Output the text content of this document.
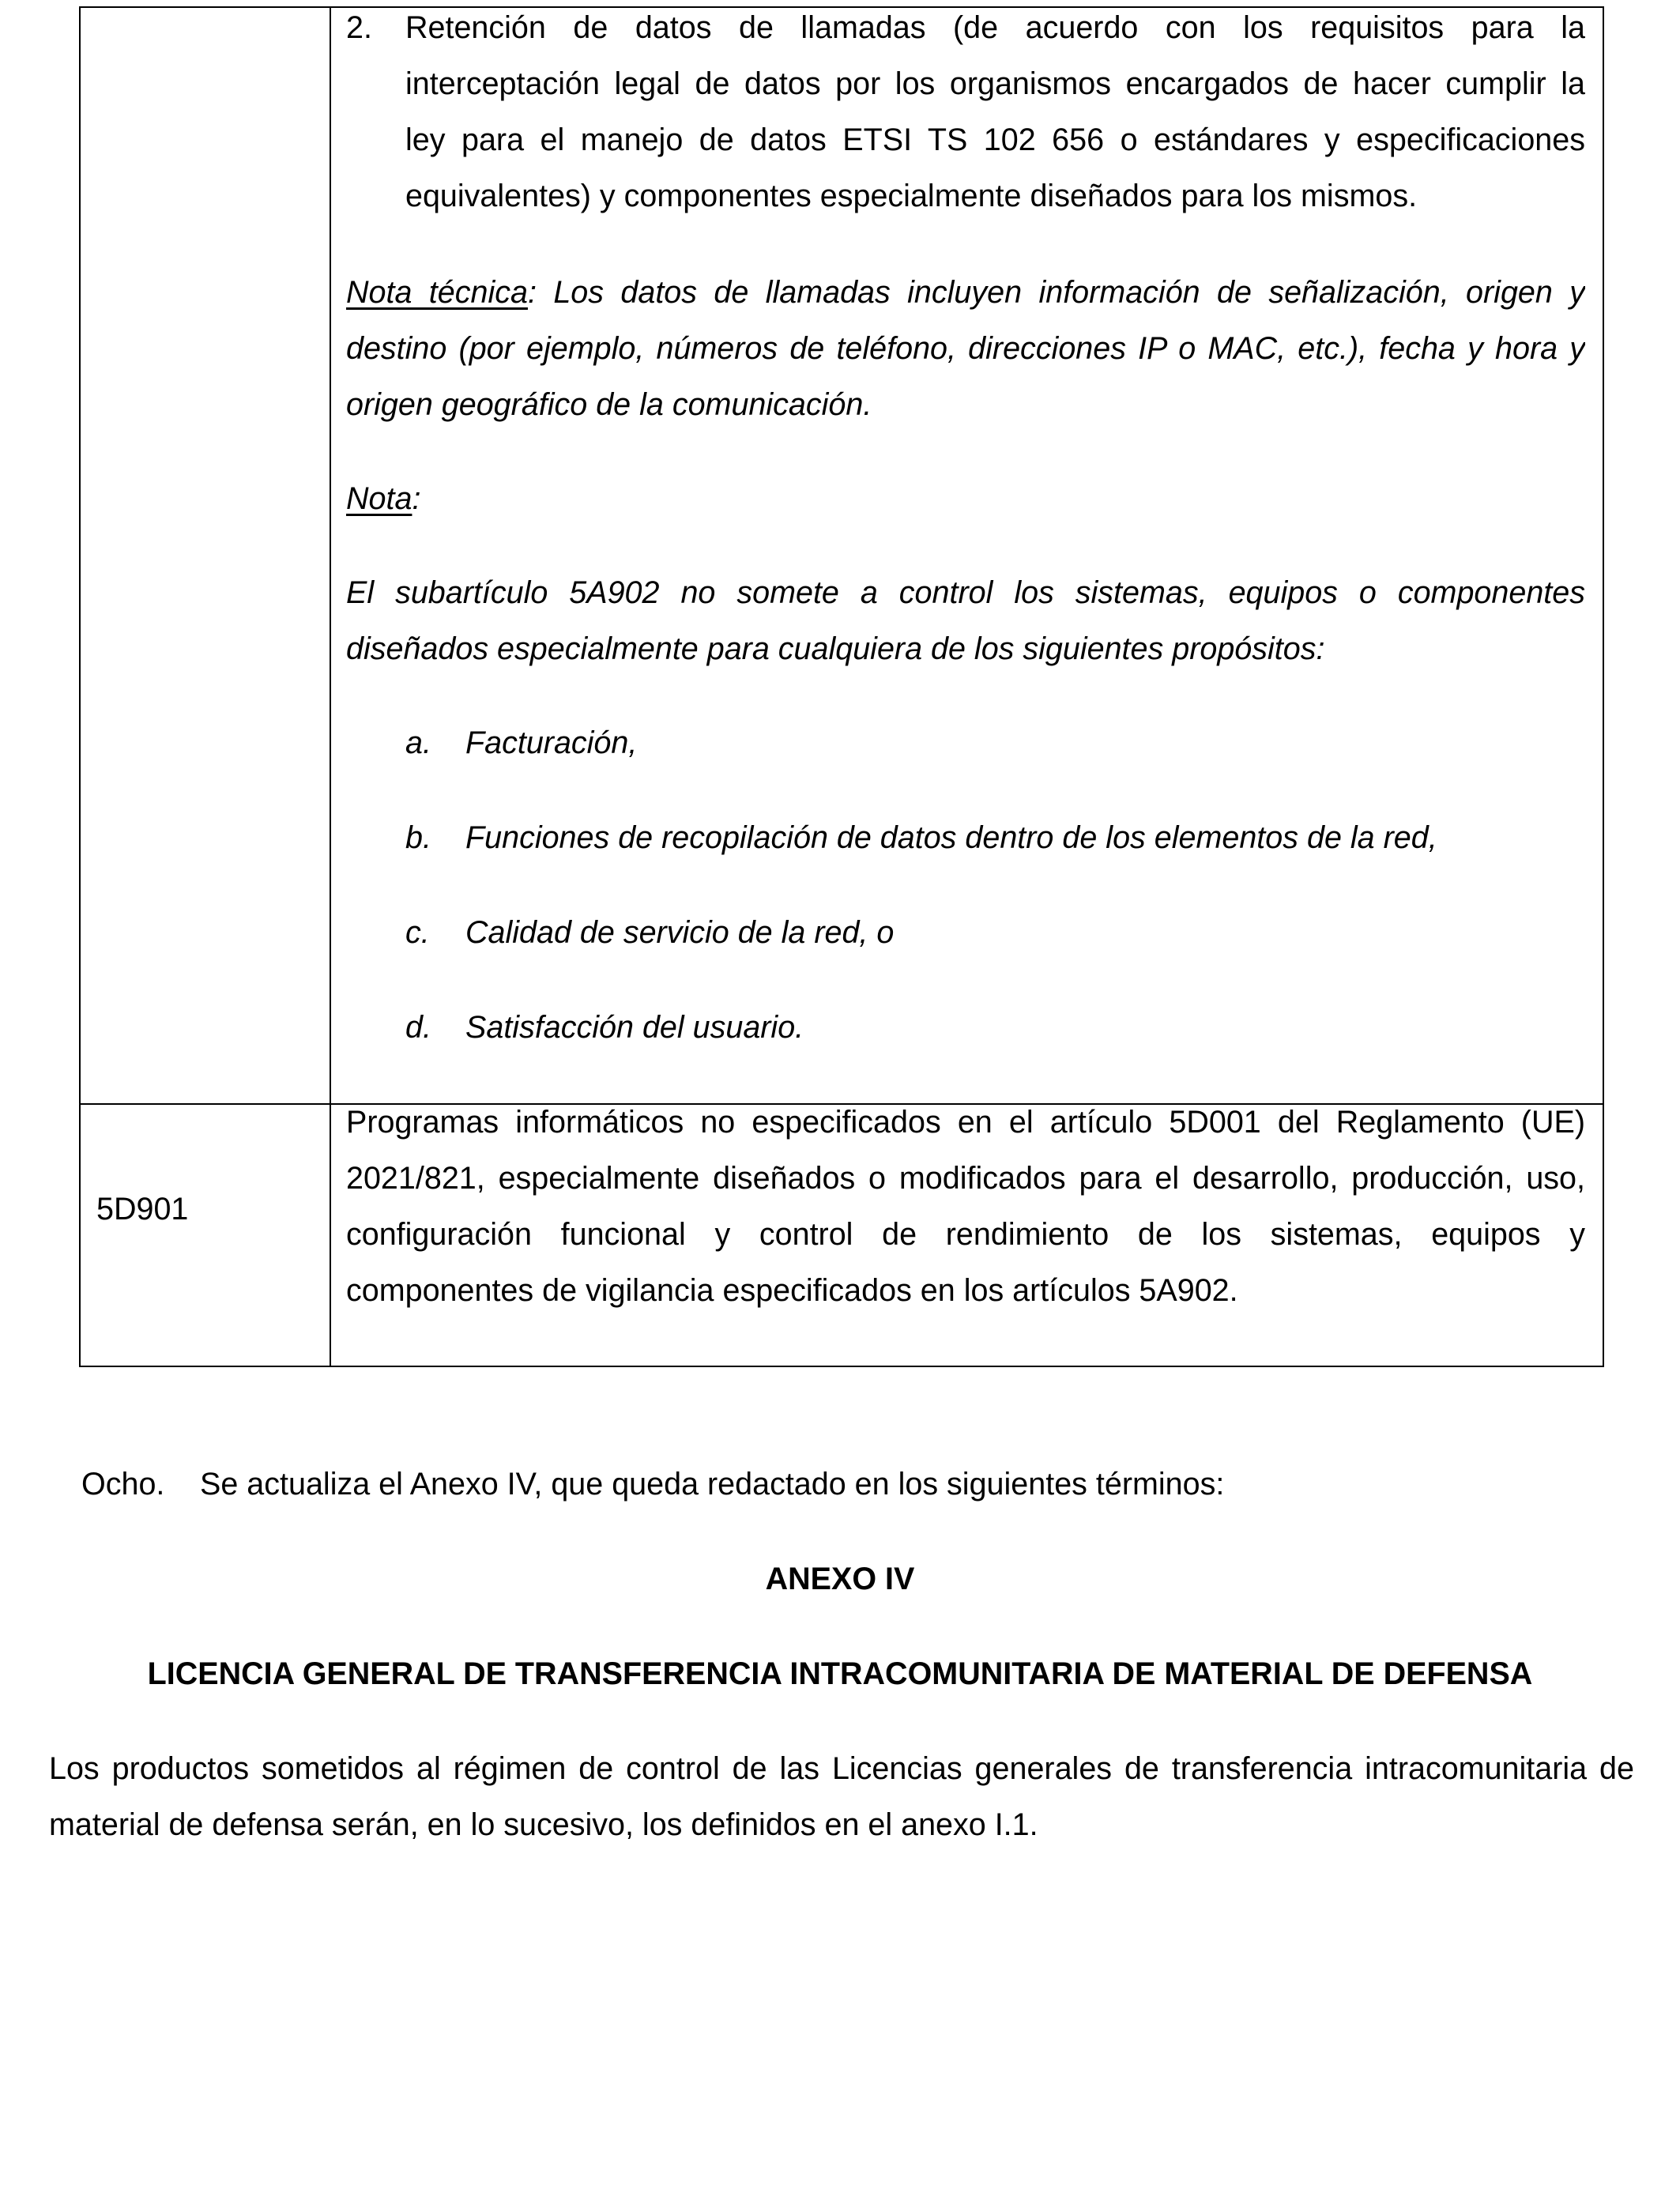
2. Retención de datos de llamadas (de acuerdo con los requisitos para la
interceptación legal de datos por los organismos encargados de hacer cumplir la
ley para el manejo de datos ETSI TS 102 656 o estándares y especificaciones
equivalentes) y componentes especialmente diseñados para los mismos.
Nota técnica: Los datos de llamadas incluyen información de señalización, origen y
destino (por ejemplo, números de teléfono, direcciones IP o MAC, etc.), fecha y hora y
origen geográfico de la comunicación.
Nota:
El subartículo 5A902 no somete a control los sistemas, equipos o componentes
diseñados especialmente para cualquiera de los siguientes propósitos:
a. Facturación,
b. Funciones de recopilación de datos dentro de los elementos de la red,
c. Calidad de servicio de la red, o
d. Satisfacción del usuario.
5D901
Programas informáticos no especificados en el artículo 5D001 del Reglamento (UE)
2021/821, especialmente diseñados o modificados para el desarrollo, producción, uso,
configuración funcional y control de rendimiento de los sistemas, equipos y
componentes de vigilancia especificados en los artículos 5A902.
Ocho. Se actualiza el Anexo IV, que queda redactado en los siguientes términos:
ANEXO IV
LICENCIA GENERAL DE TRANSFERENCIA INTRACOMUNITARIA DE MATERIAL DE DEFENSA
Los productos sometidos al régimen de control de las Licencias generales de transferencia intracomunitaria de
material de defensa serán, en lo sucesivo, los definidos en el anexo I.1.
